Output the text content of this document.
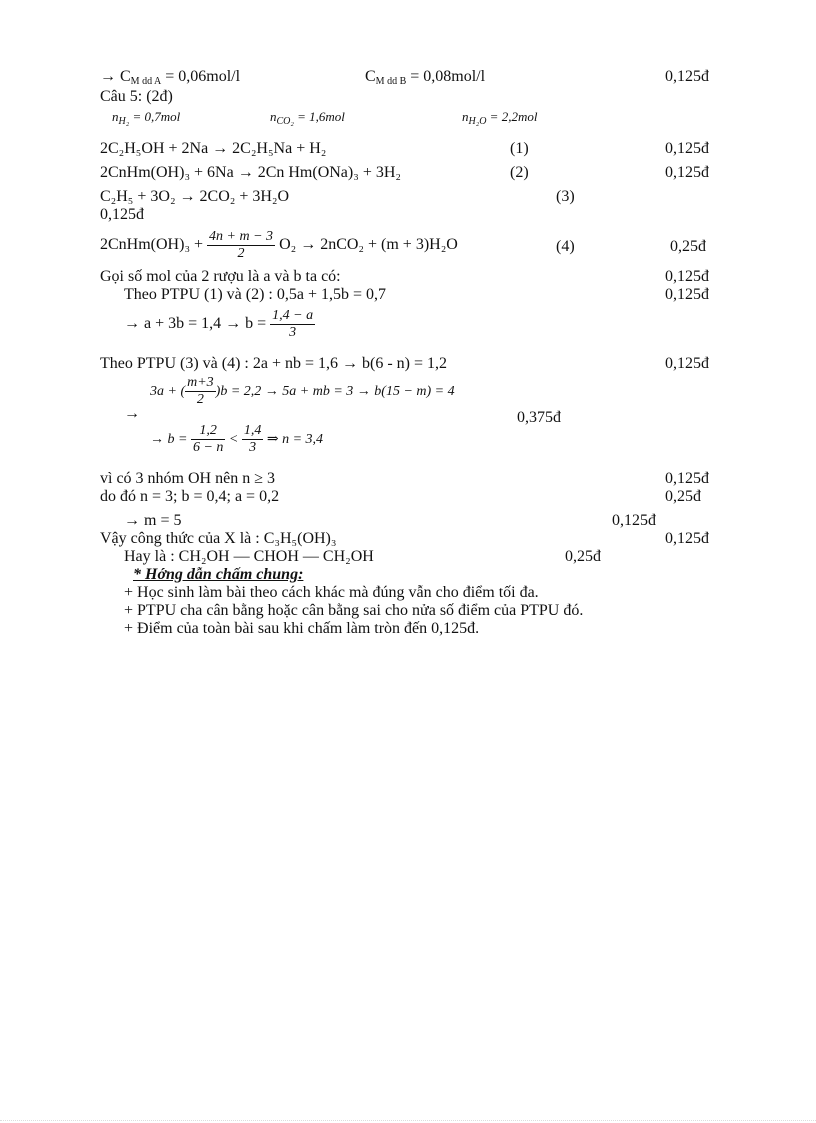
→ $C_{M dd A} = 0,06mol/l$	$C_{M dd B} = 0,08mol/l$	0,125đ
Câu 5: (2đ)
$n_{H_2} = 0,7mol$	$n_{CO_2} = 1,6mol$	$n_{H_2O} = 2,2mol$
2C₂H₅OH + 2Na → 2C₂H₅Na + H₂	(1)	0,125đ
2CnHm(OH)₃ + 6Na → 2Cn Hm(ONa)₃ + 3H₂	(2)	0,125đ
C₂H₅ + 3O₂ → 2CO₂ + 3H₂O	(3)
0,125đ
2CnHm(OH)₃ + $\frac{4n + m - 3}{2} O_2 \to 2nCO_2 + (m + 3)H_2O$	(4)	0,25đ
Gọi số mol của 2 rượu là a và b ta có:	0,125đ
Theo PTPU (1) và (2) : 0,5a + 1,5b = 0,7	0,125đ
→ $a + 3b = 1,4 \to b = \frac{1,4 - a}{3}$
Theo PTPU (3) và (4) : 2a + nb = 1,6 → b(6 - n) = 1,2	0,125đ
3a + ( $\frac{m+3}{2} )b = 2,2 \to 5a$ + mb = 3 → b(15 − m) = 4
→	0,375đ
→ $b = \frac{1,2}{6 - n} < \frac{1,4}{3}$ ⇒ n = 3,4
vì có 3 nhóm OH nên n ≥ 3	0,125đ
do đó n = 3; b = 0,4; a = 0,2	0,25đ
→ m = 5	0,125đ
Vậy công thức của X là : C₃H₅(OH)₃	0,125đ
Hay là : CH₂OH — CHOH — CH₂OH	0,25đ
* Hớng dẫn chấm chung:
+ Học sinh làm bài theo cách khác mà đúng vẫn cho điểm tối đa.
+ PTPU cha cân bằng hoặc cân bằng sai cho nửa số điểm của PTPU đó.
+ Điểm của toàn bài sau khi chấm làm tròn đến 0,125đ.
